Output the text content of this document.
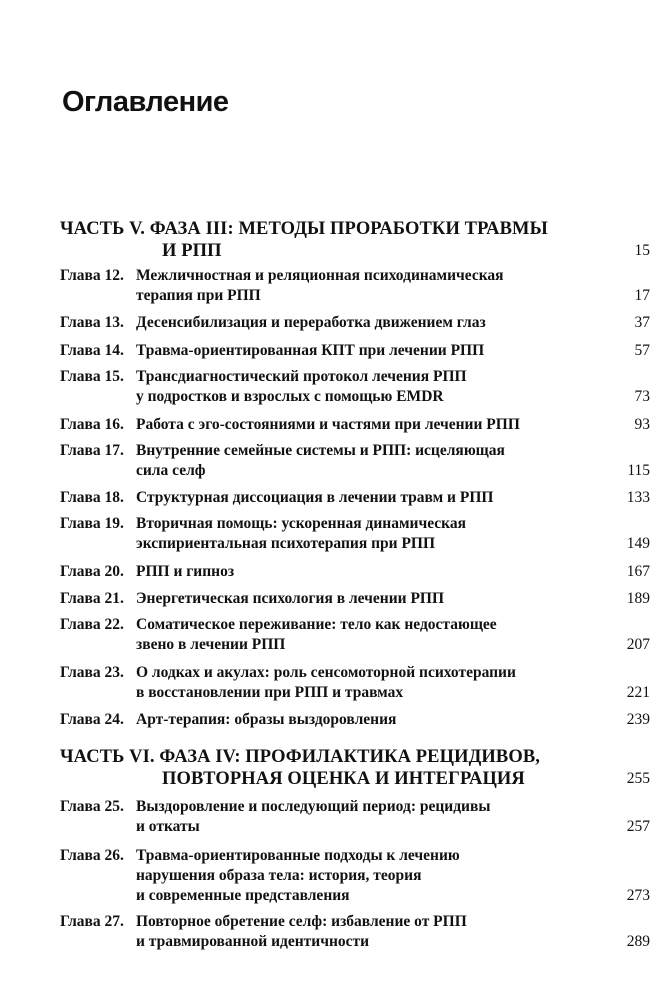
Оглавление
ЧАСТЬ V. ФАЗА III: МЕТОДЫ ПРОРАБОТКИ ТРАВМЫ
И РПП	15
Глава 12. Межличностная и реляционная психодинамическая
терапия при РПП	17
Глава 13. Десенсибилизация и переработка движением глаз	37
Глава 14. Травма-ориентированная КПТ при лечении РПП	57
Глава 15. Трансдиагностический протокол лечения РПП
у подростков и взрослых с помощью EMDR	73
Глава 16. Работа с эго-состояниями и частями при лечении РПП	93
Глава 17. Внутренние семейные системы и РПП: исцеляющая
сила селф	115
Глава 18. Структурная диссоциация в лечении травм и РПП	133
Глава 19. Вторичная помощь: ускоренная динамическая
экспириентальная психотерапия при РПП	149
Глава 20. РПП и гипноз	167
Глава 21. Энергетическая психология в лечении РПП	189
Глава 22. Соматическое переживание: тело как недостающее
звено в лечении РПП	207
Глава 23. О лодках и акулах: роль сенсомоторной психотерапии
в восстановлении при РПП и травмах	221
Глава 24. Арт-терапия: образы выздоровления	239
ЧАСТЬ VI. ФАЗА IV: ПРОФИЛАКТИКА РЕЦИДИВОВ,
ПОВТОРНАЯ ОЦЕНКА И ИНТЕГРАЦИЯ	255
Глава 25. Выздоровление и последующий период: рецидивы
и откаты	257
Глава 26. Травма-ориентированные подходы к лечению
нарушения образа тела: история, теория
и современные представления	273
Глава 27. Повторное обретение селф: избавление от РПП
и травмированной идентичности	289
